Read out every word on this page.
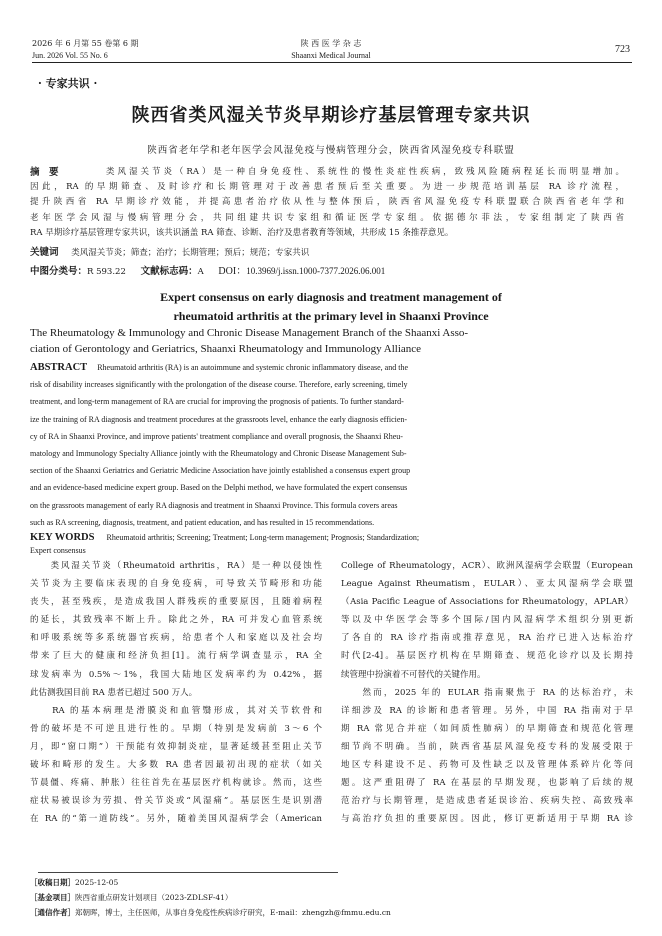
2026 年 6 月第 55 卷第 6 期
Jun. 2026 Vol. 55 No. 6
陕 西 医 学 杂 志
Shaanxi Medical Journal
723
· 专家共识 ·
陕西省类风湿关节炎早期诊疗基层管理专家共识
陕西省老年学和老年医学会风湿免疫与慢病管理分会，陕西省风湿免疫专科联盟
摘　要	类风湿关节炎（RA）是一种自身免疫性、系统性的慢性炎症性疾病，致残风险随病程延长而明显增加。
因此，RA 的早期筛查、及时诊疗和长期管理对于改善患者预后至关重要。为进一步规范培训基层 RA 诊疗流程，
提升陕西省 RA 早期诊疗效能，并提高患者治疗依从性与整体预后，陕西省风湿免疫专科联盟联合陕西省老年学和
老年医学会风湿与慢病管理分会，共同组建共识专家组和循证医学专家组。依据德尔菲法，专家组制定了陕西省
RA 早期诊疗基层管理专家共识，该共识涵盖 RA 筛查、诊断、治疗及患者教育等领域，共形成 15 条推荐意见。
关键词 类风湿关节炎；筛查；治疗；长期管理；预后；规范；专家共识
中图分类号：R 593.22 文献标志码：A DOI：10.3969/j.issn.1000-7377.2026.06.001
Expert consensus on early diagnosis and treatment management of
rheumatoid arthritis at the primary level in Shaanxi Province
The Rheumatology & Immunology and Chronic Disease Management Branch of the Shaanxi Asso-
ciation of Gerontology and Geriatrics, Shaanxi Rheumatology and Immunology Alliance
ABSTRACT Rheumatoid arthritis (RA) is an autoimmune and systemic chronic inflammatory disease, and the
risk of disability increases significantly with the prolongation of the disease course. Therefore, early screening, timely
treatment, and long-term management of RA are crucial for improving the prognosis of patients. To further standard-
ize the training of RA diagnosis and treatment procedures at the grassroots level, enhance the early diagnosis efficien-
cy of RA in Shaanxi Province, and improve patients' treatment compliance and overall prognosis, the Shaanxi Rheu-
matology and Immunology Specialty Alliance jointly with the Rheumatology and Chronic Disease Management Sub-
section of the Shaanxi Geriatrics and Geriatric Medicine Association have jointly established a consensus expert group
and an evidence-based medicine expert group. Based on the Delphi method, we have formulated the expert consensus
on the grassroots management of early RA diagnosis and treatment in Shaanxi Province. This formula covers areas
such as RA screening, diagnosis, treatment, and patient education, and has resulted in 15 recommendations.
KEY WORDS Rheumatoid arthritis; Screening; Treatment; Long-term management; Prognosis; Standardization;
Expert consensus
　　类风湿关节炎（Rheumatoid arthritis，RA）是一种以侵蚀性
关节炎为主要临床表现的自身免疫病，可导致关节畸形和功能
丧失，甚至残疾，是造成我国人群残疾的重要原因，且随着病程
的延长，其致残率不断上升。除此之外，RA 可并发心血管系统
和呼吸系统等多系统器官疾病，给患者个人和家庭以及社会均
带来了巨大的健康和经济负担[1]。流行病学调查显示，RA 全
球发病率为 0.5%～1%，我国大陆地区发病率约为 0.42%，据
此估测我国目前 RA 患者已超过 500 万人。
　　RA 的基本病理是滑膜炎和血管翳形成，其对关节软骨和
骨的破坏是不可逆且进行性的。早期（特别是发病前 3～6 个
月，即“窗口期”）干预能有效抑制炎症，显著延缓甚至阻止关节
破坏和畸形的发生。大多数 RA 患者因最初出现的症状（如关
节晨僵、疼痛、肿胀）往往首先在基层医疗机构就诊。然而，这些
症状易被误诊为劳损、骨关节炎或“风湿痛”。基层医生是识别潜
在 RA 的“第一道防线”。另外，随着美国风湿病学会（American
College of Rheumatology，ACR）、欧洲风湿病学会联盟（European
League Against Rheumatism，EULAR）、亚太风湿病学会联盟
（Asia Pacific League of Associations for Rheumatology，APLAR）
等以及中华医学会等多个国际/国内风湿病学术组织分别更新
了各自的 RA 诊疗指南或推荐意见，RA 治疗已进入达标治疗
时代[2-4]。基层医疗机构在早期筛查、规范化诊疗以及长期持
续管理中扮演着不可替代的关键作用。
　　然而，2025 年的 EULAR 指南聚焦于 RA 的达标治疗，未
详细涉及 RA 的诊断和患者管理。另外，中国 RA 指南对于早
期 RA 常见合并症（如间质性肺病）的早期筛查和规范化管理
细节尚不明确。当前，陕西省基层风湿免疫专科的发展受限于
地区专科建设不足、药物可及性缺乏以及管理体系碎片化等问
题。这严重阻碍了 RA 在基层的早期发现，也影响了后续的规
范治疗与长期管理，是造成患者延误诊治、疾病失控、高致残率
与高治疗负担的重要原因。因此，修订更新适用于早期 RA 诊
［收稿日期］2025-12-05
［基金项目］陕西省重点研发计划项目（2023-ZDLSF-41）
［通信作者］郑朝晖，博士，主任医师，从事自身免疫性疾病诊疗研究，E-mail：zhengzh@fmmu.edu.cn
